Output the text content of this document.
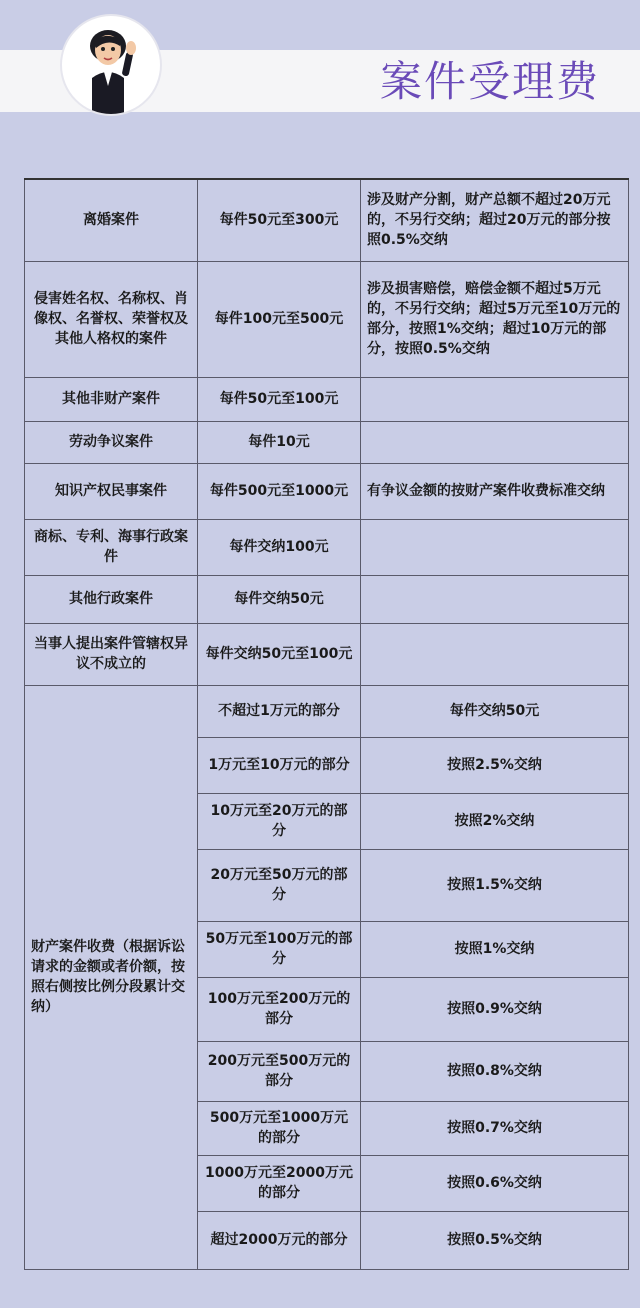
案件受理费
离婚案件	每件50元至300元	涉及财产分割，财产总额不超过20万元的，不另行交纳；超过20万元的部分按照0.5%交纳
侵害姓名权、名称权、肖像权、名誉权、荣誉权及其他人格权的案件	每件100元至500元	涉及损害赔偿，赔偿金额不超过5万元的，不另行交纳；超过5万元至10万元的部分，按照1%交纳；超过10万元的部分，按照0.5%交纳
其他非财产案件	每件50元至100元	
劳动争议案件	每件10元	
知识产权民事案件	每件500元至1000元	有争议金额的按财产案件收费标准交纳
商标、专利、海事行政案件	每件交纳100元	
其他行政案件	每件交纳50元	
当事人提出案件管辖权异议不成立的	每件交纳50元至100元	
财产案件收费（根据诉讼请求的金额或者价额，按照右侧按比例分段累计交纳）	不超过1万元的部分	每件交纳50元
	1万元至10万元的部分	按照2.5%交纳
	10万元至20万元的部分	按照2%交纳
	20万元至50万元的部分	按照1.5%交纳
	50万元至100万元的部分	按照1%交纳
	100万元至200万元的部分	按照0.9%交纳
	200万元至500万元的部分	按照0.8%交纳
	500万元至1000万元的部分	按照0.7%交纳
	1000万元至2000万元的部分	按照0.6%交纳
	超过2000万元的部分	按照0.5%交纳
